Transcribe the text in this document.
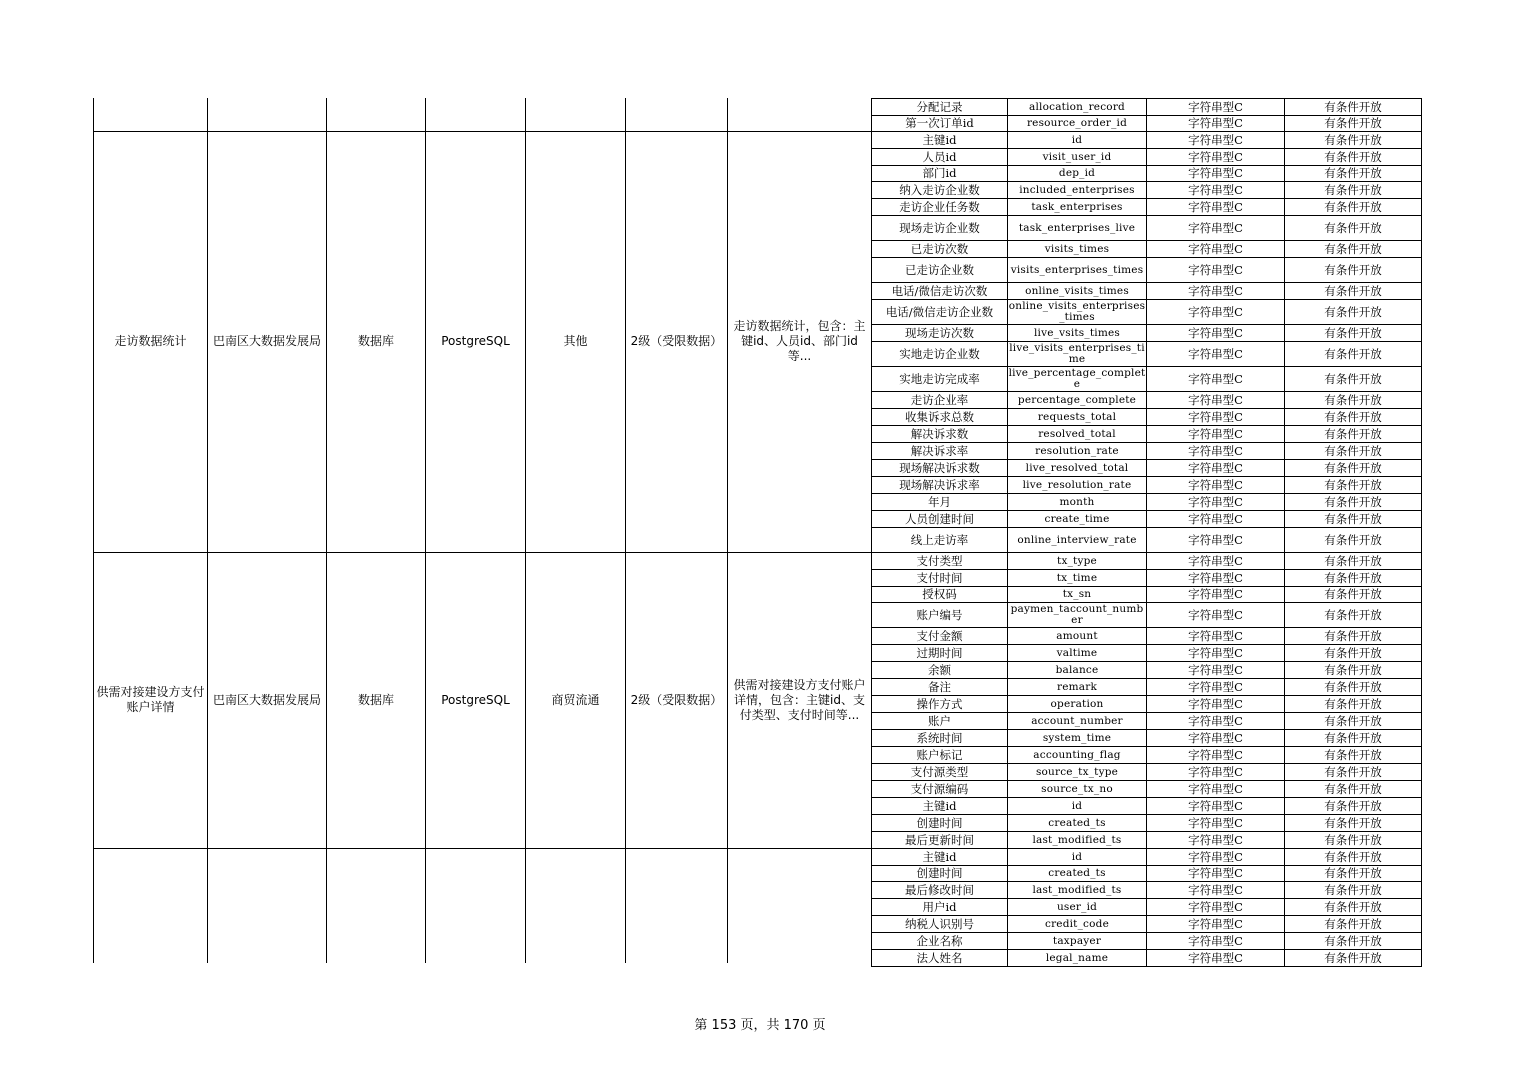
分配记录	allocation_record	字符串型C	有条件开放
第一次订单id	resource_order_id	字符串型C	有条件开放
走访数据统计	巴南区大数据发展局	数据库	PostgreSQL	其他	2级（受限数据）
走访数据统计，包含：主键id、人员id、部门id等...
主键id	id	字符串型C	有条件开放
人员id	visit_user_id	字符串型C	有条件开放
部门id	dep_id	字符串型C	有条件开放
纳入走访企业数	included_enterprises	字符串型C	有条件开放
走访企业任务数	task_enterprises	字符串型C	有条件开放
现场走访企业数	task_enterprises_live	字符串型C	有条件开放
已走访次数	visits_times	字符串型C	有条件开放
已走访企业数	visits_enterprises_times	字符串型C	有条件开放
电话/微信走访次数	online_visits_times	字符串型C	有条件开放
电话/微信走访企业数	online_visits_enterprises_times	字符串型C	有条件开放
现场走访次数	live_vsits_times	字符串型C	有条件开放
实地走访企业数	live_visits_enterprises_time	字符串型C	有条件开放
实地走访完成率	live_percentage_complete	字符串型C	有条件开放
走访企业率	percentage_complete	字符串型C	有条件开放
收集诉求总数	requests_total	字符串型C	有条件开放
解决诉求数	resolved_total	字符串型C	有条件开放
解决诉求率	resolution_rate	字符串型C	有条件开放
现场解决诉求数	live_resolved_total	字符串型C	有条件开放
现场解决诉求率	live_resolution_rate	字符串型C	有条件开放
年月	month	字符串型C	有条件开放
人员创建时间	create_time	字符串型C	有条件开放
线上走访率	online_interview_rate	字符串型C	有条件开放
供需对接建设方支付账户详情
巴南区大数据发展局	数据库	PostgreSQL	商贸流通	2级（受限数据）
供需对接建设方支付账户详情，包含：主键id、支付类型、支付时间等...
支付类型	tx_type	字符串型C	有条件开放
支付时间	tx_time	字符串型C	有条件开放
授权码	tx_sn	字符串型C	有条件开放
账户编号	paymen_taccount_number	字符串型C	有条件开放
支付金额	amount	字符串型C	有条件开放
过期时间	valtime	字符串型C	有条件开放
余额	balance	字符串型C	有条件开放
备注	remark	字符串型C	有条件开放
操作方式	operation	字符串型C	有条件开放
账户	account_number	字符串型C	有条件开放
系统时间	system_time	字符串型C	有条件开放
账户标记	accounting_flag	字符串型C	有条件开放
支付源类型	source_tx_type	字符串型C	有条件开放
支付源编码	source_tx_no	字符串型C	有条件开放
主键id	id	字符串型C	有条件开放
创建时间	created_ts	字符串型C	有条件开放
最后更新时间	last_modified_ts	字符串型C	有条件开放
主键id	id	字符串型C	有条件开放
创建时间	created_ts	字符串型C	有条件开放
最后修改时间	last_modified_ts	字符串型C	有条件开放
用户id	user_id	字符串型C	有条件开放
纳税人识别号	credit_code	字符串型C	有条件开放
企业名称	taxpayer	字符串型C	有条件开放
法人姓名	legal_name	字符串型C	有条件开放
第 153 页，共 170 页
